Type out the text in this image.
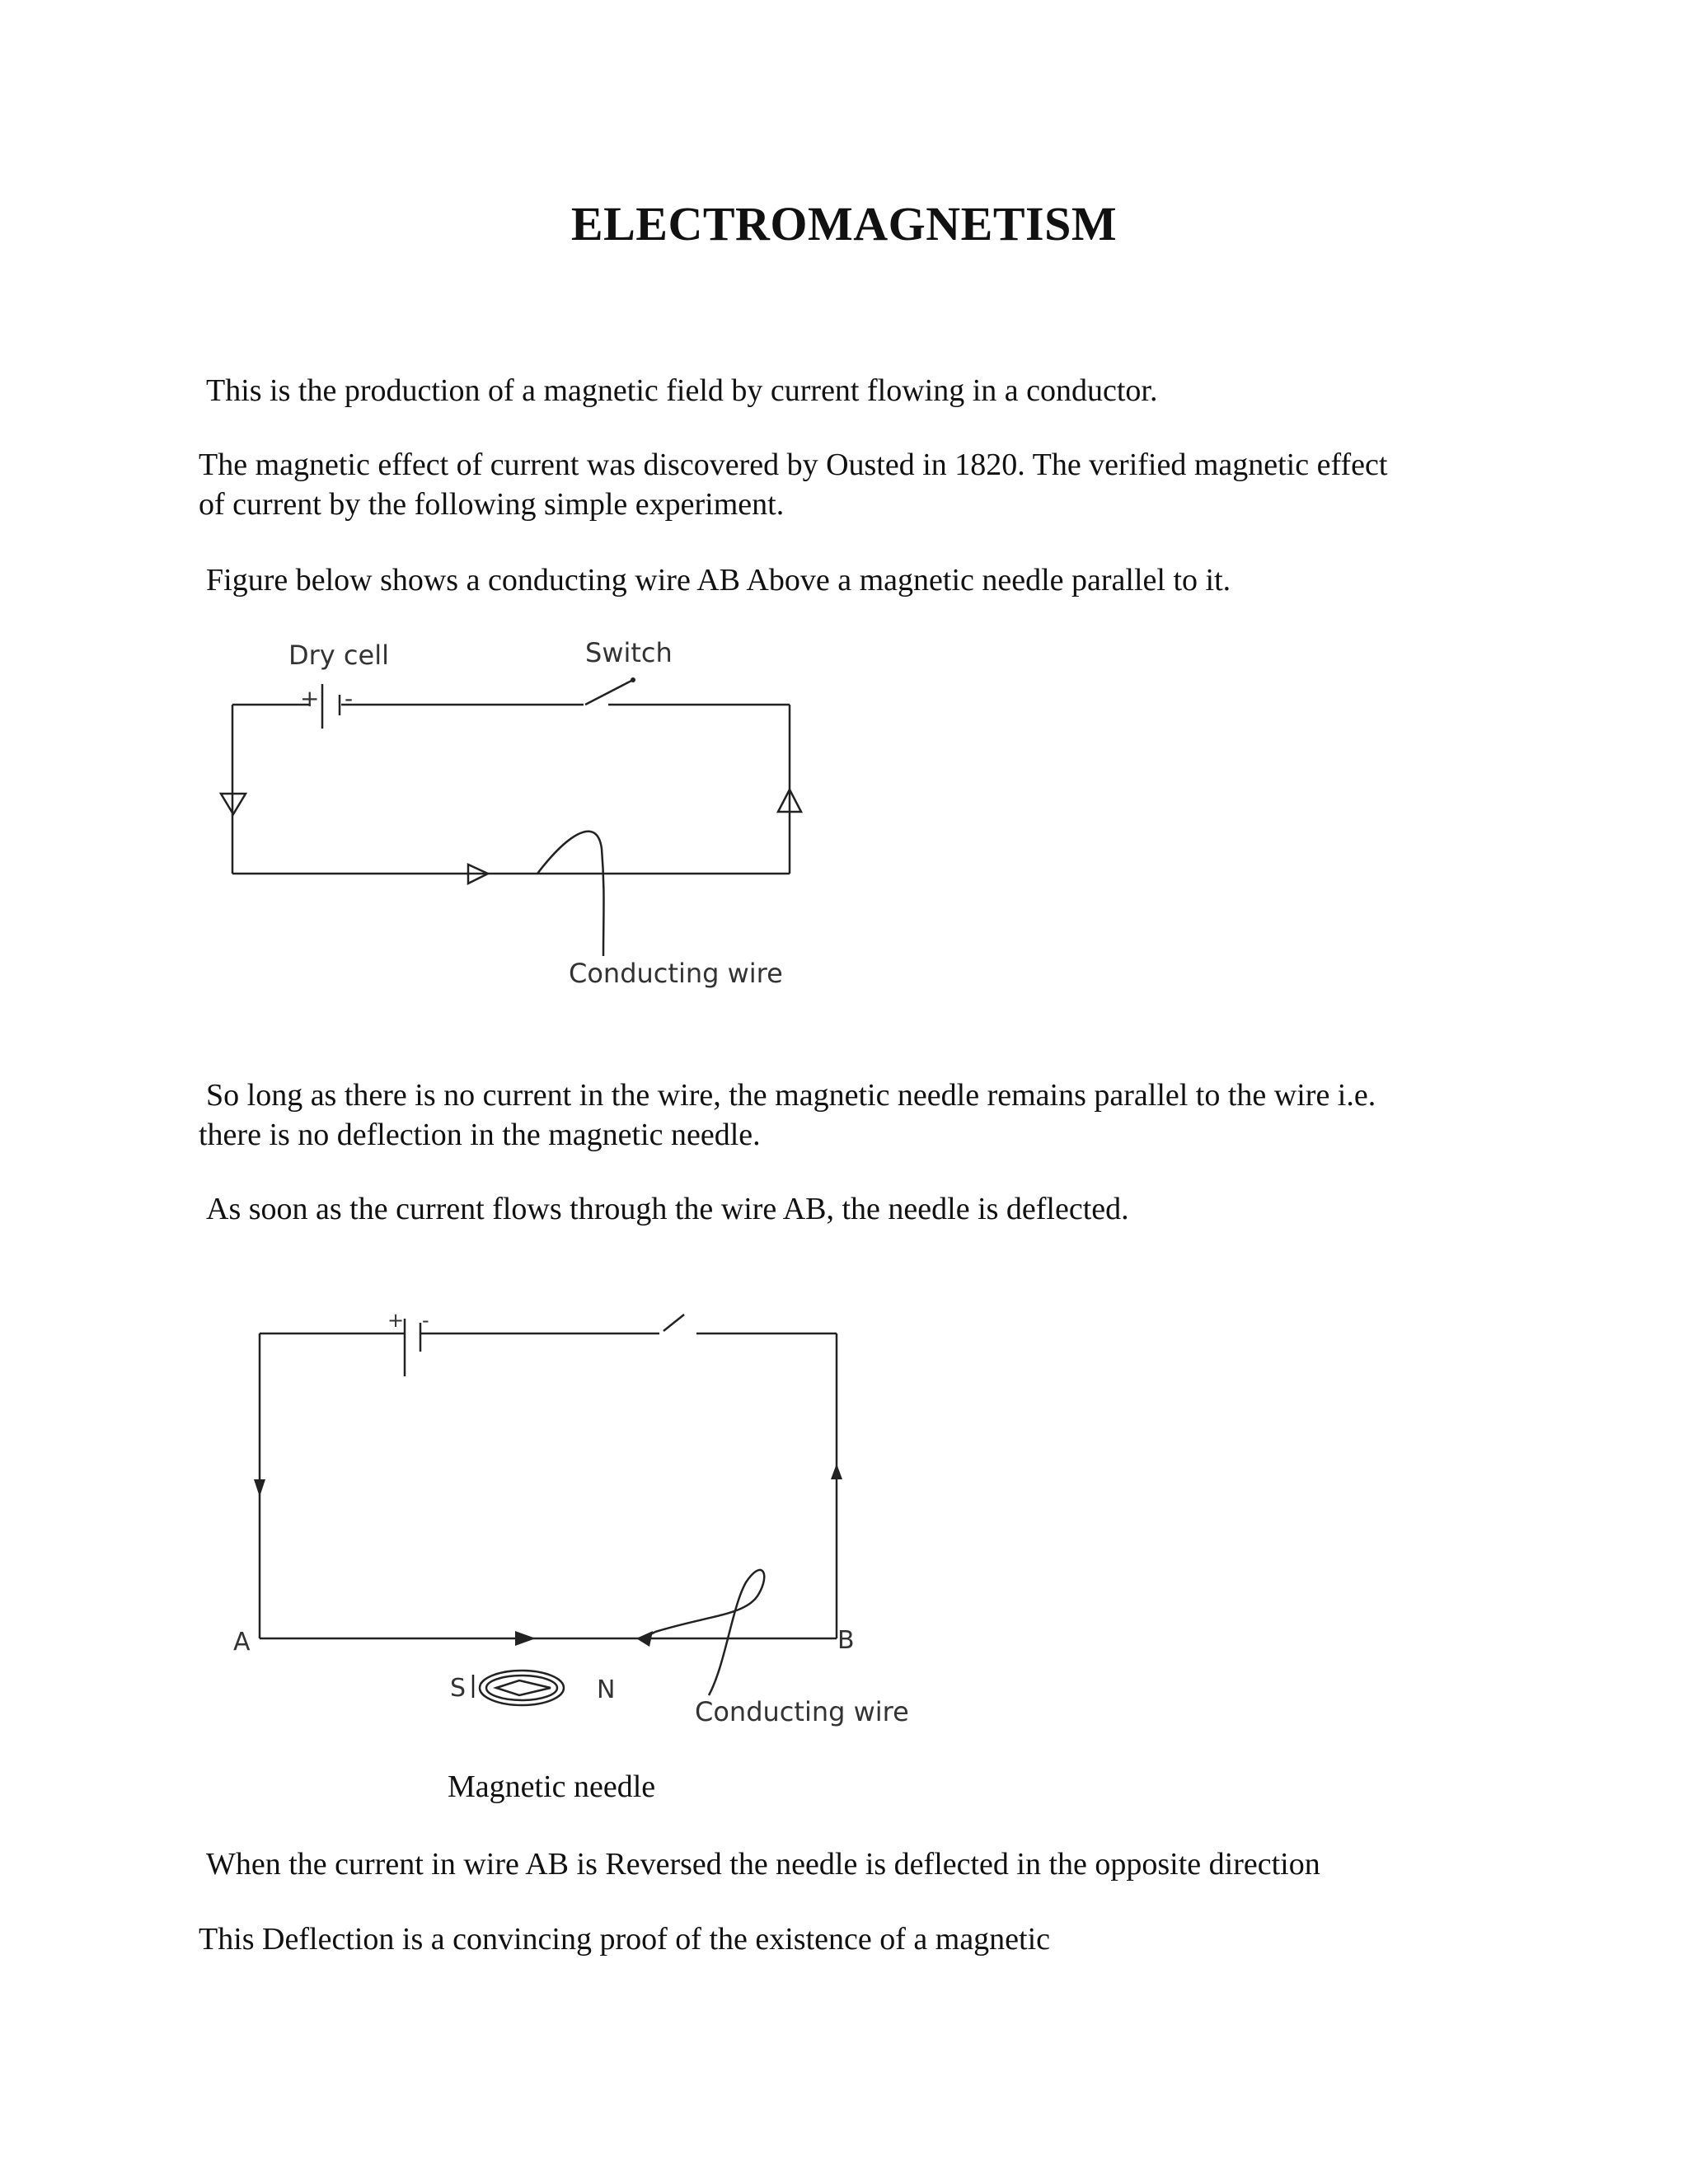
ELECTROMAGNETISM
This is the production of a magnetic field by current flowing in a conductor.
The magnetic effect of current was discovered by Ousted in 1820. The verified magnetic effect
of current by the following simple experiment.
Figure below shows a conducting wire AB Above a magnetic needle parallel to it.
Dry cell	Switch
+ -
Conducting wire
So long as there is no current in the wire, the magnetic needle remains parallel to the wire i.e.
there is no deflection in the magnetic needle.
As soon as the current flows through the wire AB, the needle is deflected.
+ -
A	B
S	N
Conducting wire
Magnetic needle
When the current in wire AB is Reversed the needle is deflected in the opposite direction
This Deflection is a convincing proof of the existence of a magnetic
